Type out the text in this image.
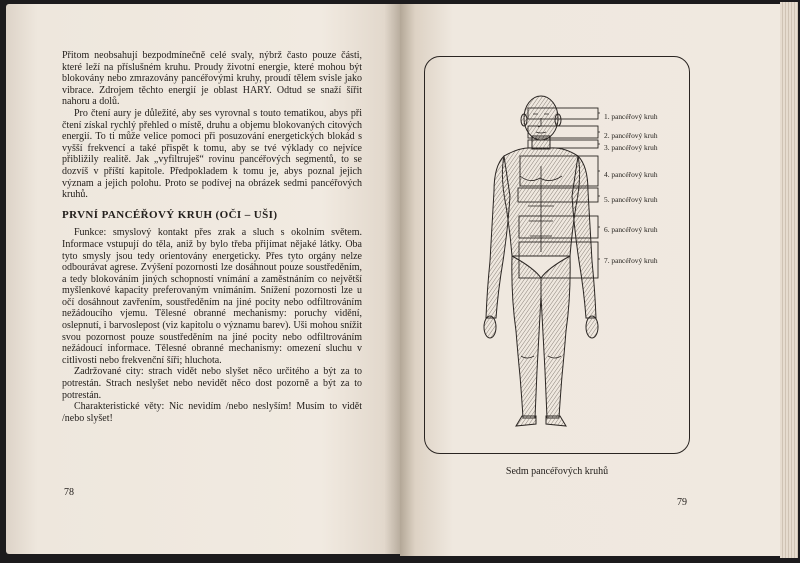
Přitom neobsahují bezpodmínečně celé svaly, nýbrž často pouze části, které leží na příslušném kruhu. Proudy životní energie, které mohou být blokovány nebo zmrazovány pancéřovými kruhy, proudí tělem svisle jako vibrace. Zdrojem těchto energií je oblast HARY. Odtud se snaží šířit nahoru a dolů.

Pro čtení aury je důležité, aby ses vyrovnal s touto tematikou, abys při čtení získal rychlý přehled o místě, druhu a objemu blokovaných citových energií. To ti může velice pomoci při posuzování energetických blokád s vyšší frekvencí a také přispět k tomu, aby se tvé výklady co nejvíce přibližily realitě. Jak „vyfiltruješ“ rovinu pancéřových segmentů, to se dozvíš v příští kapitole. Předpokladem k tomu je, abys poznal jejich význam a jejich polohu. Proto se podívej na obrázek sedmi pancéřových kruhů.

PRVNÍ PANCÉŘOVÝ KRUH (OČI – UŠI)

Funkce: smyslový kontakt přes zrak a sluch s okolním světem. Informace vstupují do těla, aniž by bylo třeba přijímat nějaké látky. Oba tyto smysly jsou tedy orientovány energeticky. Přes tyto orgány nelze odbourávat agrese. Zvýšení pozornosti lze dosáhnout pouze soustředěním, a tedy blokováním jiných schopností vnímání a zaměstnáním co největší myšlenkové kapacity preferovaným vnímáním. Snížení pozornosti lze u očí dosáhnout zavřením, soustředěním na jiné pocity nebo odfiltrováním nežádoucího vjemu. Tělesné obranné mechanismy: poruchy vidění, oslepnutí, i barvoslepost (viz kapitolu o významu barev). Uši mohou snížit svou pozornost pouze soustředěním na jiné pocity nebo odfiltrováním nežádoucí informace. Tělesné obranné mechanismy: omezení sluchu v citlivosti nebo frekvenční šíři; hluchota.

Zadržované city: strach vidět nebo slyšet něco určitého a být za to potrestán. Strach neslyšet nebo nevidět něco dost pozorně a být za to potrestán.

Charakteristické věty: Nic nevidím /nebo neslyším! Musím to vidět /nebo slyšet!

78
1. pancéřový kruh
2. pancéřový kruh
3. pancéřový kruh
4. pancéřový kruh
5. pancéřový kruh
6. pancéřový kruh
7. pancéřový kruh
Sedm pancéřových kruhů
79
